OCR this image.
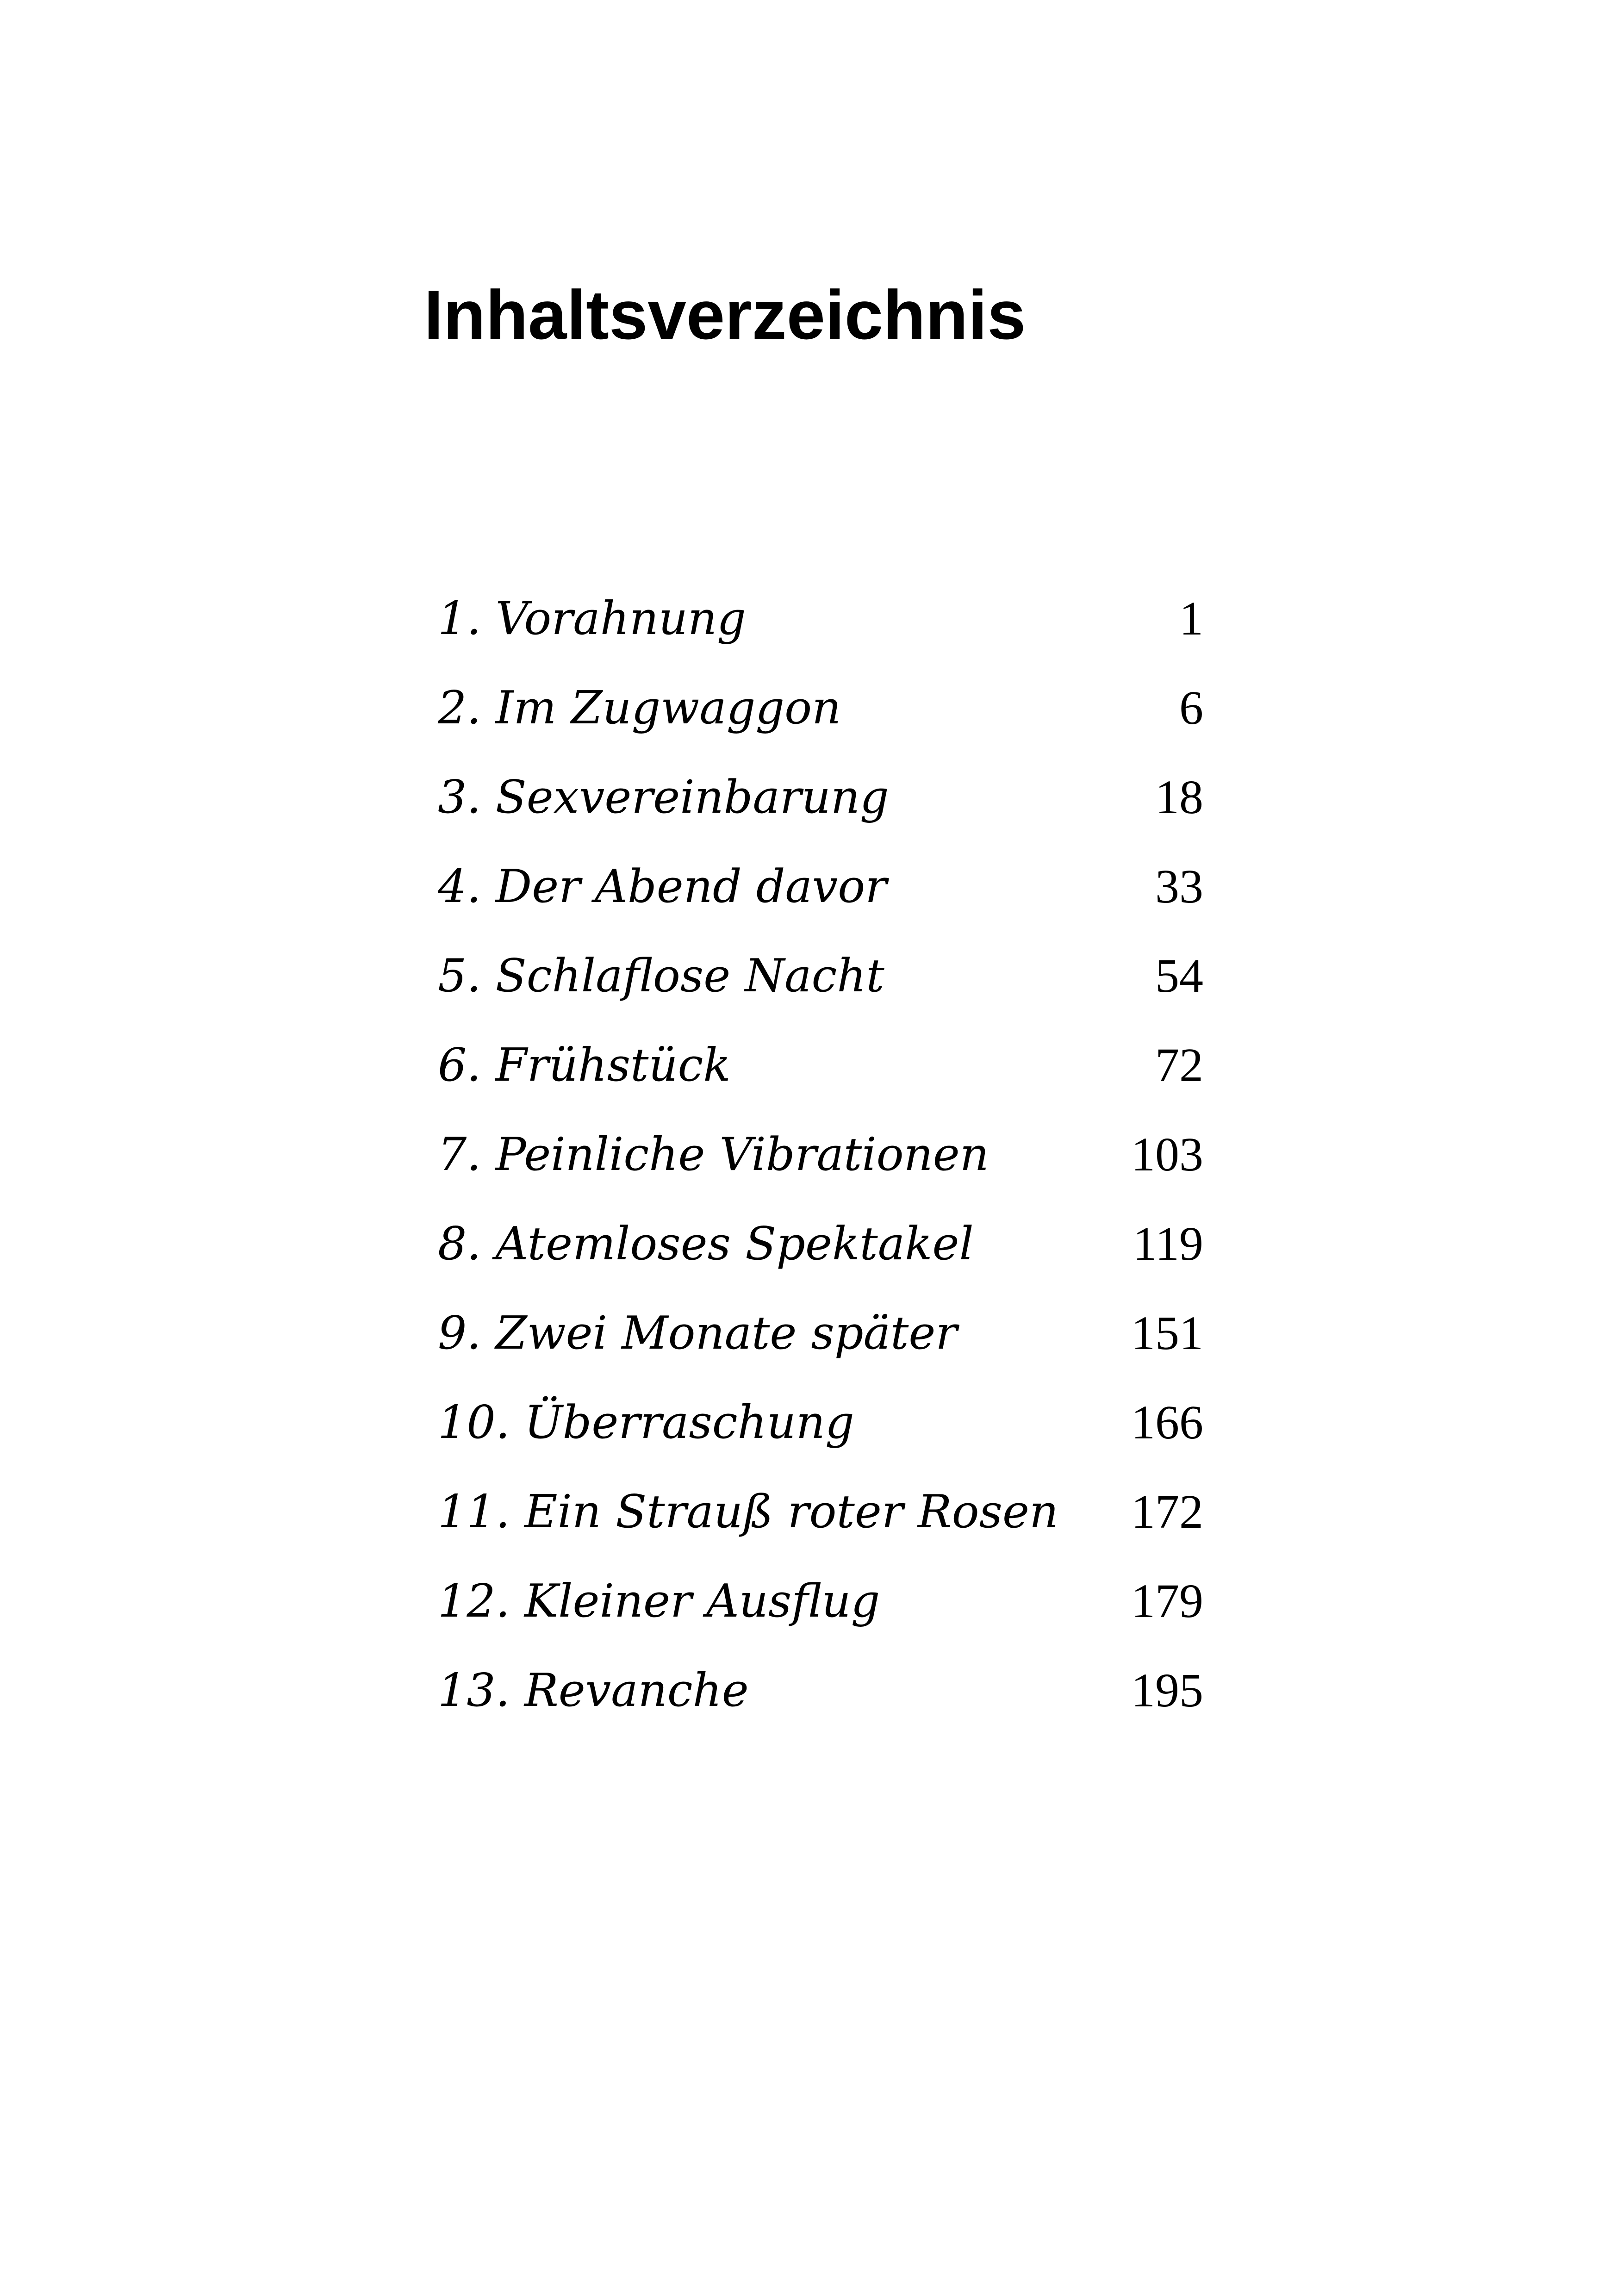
Inhaltsverzeichnis
1. Vorahnung	1
2. Im Zugwaggon	6
3. Sexvereinbarung	18
4. Der Abend davor	33
5. Schlaflose Nacht	54
6. Frühstück	72
7. Peinliche Vibrationen	103
8. Atemloses Spektakel	119
9. Zwei Monate später	151
10. Überraschung	166
11. Ein Strauß roter Rosen 172
12. Kleiner Ausflug	179
13. Revanche	195
